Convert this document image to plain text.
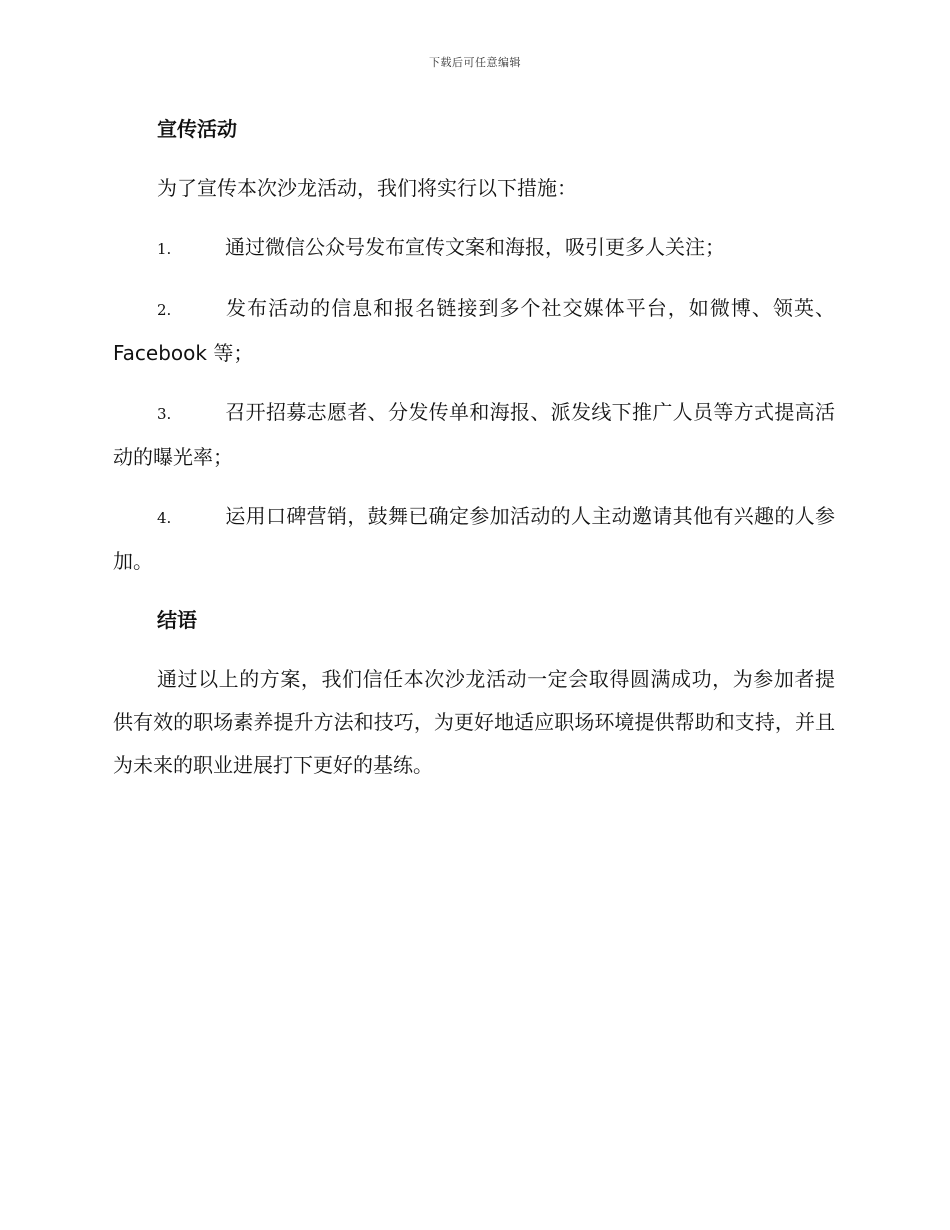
下载后可任意编辑
宣传活动

为了宣传本次沙龙活动，我们将实行以下措施：

1.	通过微信公众号发布宣传文案和海报，吸引更多人关注；

2.	发布活动的信息和报名链接到多个社交媒体平台，如微博、领英、Facebook 等；

3.	召开招募志愿者、分发传单和海报、派发线下推广人员等方式提高活动的曝光率；

4.	运用口碑营销，鼓舞已确定参加活动的人主动邀请其他有兴趣的人参加。

结语

通过以上的方案，我们信任本次沙龙活动一定会取得圆满成功，为参加者提供有效的职场素养提升方法和技巧，为更好地适应职场环境提供帮助和支持，并且为未来的职业进展打下更好的基练。
